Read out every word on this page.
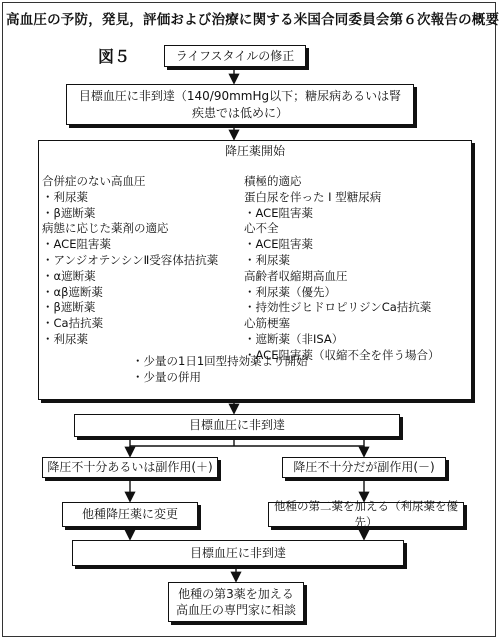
高血圧の予防，発見，評価および治療に関する米国合同委員会第６次報告の概要
図５	ライフスタイルの修正
目標血圧に非到達（140/90mmHg以下；糖尿病あるいは腎
疾患では低めに）
降圧薬開始
合併症のない高血圧
・利尿薬
・β遮断薬
病態に応じた薬剤の適応
・ACE阻害薬
・アンジオテンシンⅡ受容体拮抗薬
・α遮断薬
・αβ遮断薬
・β遮断薬
・Ca拮抗薬
・利尿薬
積極的適応
蛋白尿を伴った I 型糖尿病
・ACE阻害薬
心不全
・ACE阻害薬
・利尿薬
高齢者収縮期高血圧
・利尿薬（優先）
・持効性ジヒドロピリジンCa拮抗薬
心筋梗塞
・遮断薬（非ISA）
・ACE阻害薬（収縮不全を伴う場合）
・少量の1日1回型持効薬より開始
・少量の併用
目標血圧に非到達
降圧不十分あるいは副作用(＋)	降圧不十分だが副作用(－)
他種降圧薬に変更
他種の第二薬を加える（利尿薬を優先）
目標血圧に非到達
他種の第3薬を加える
高血圧の専門家に相談
